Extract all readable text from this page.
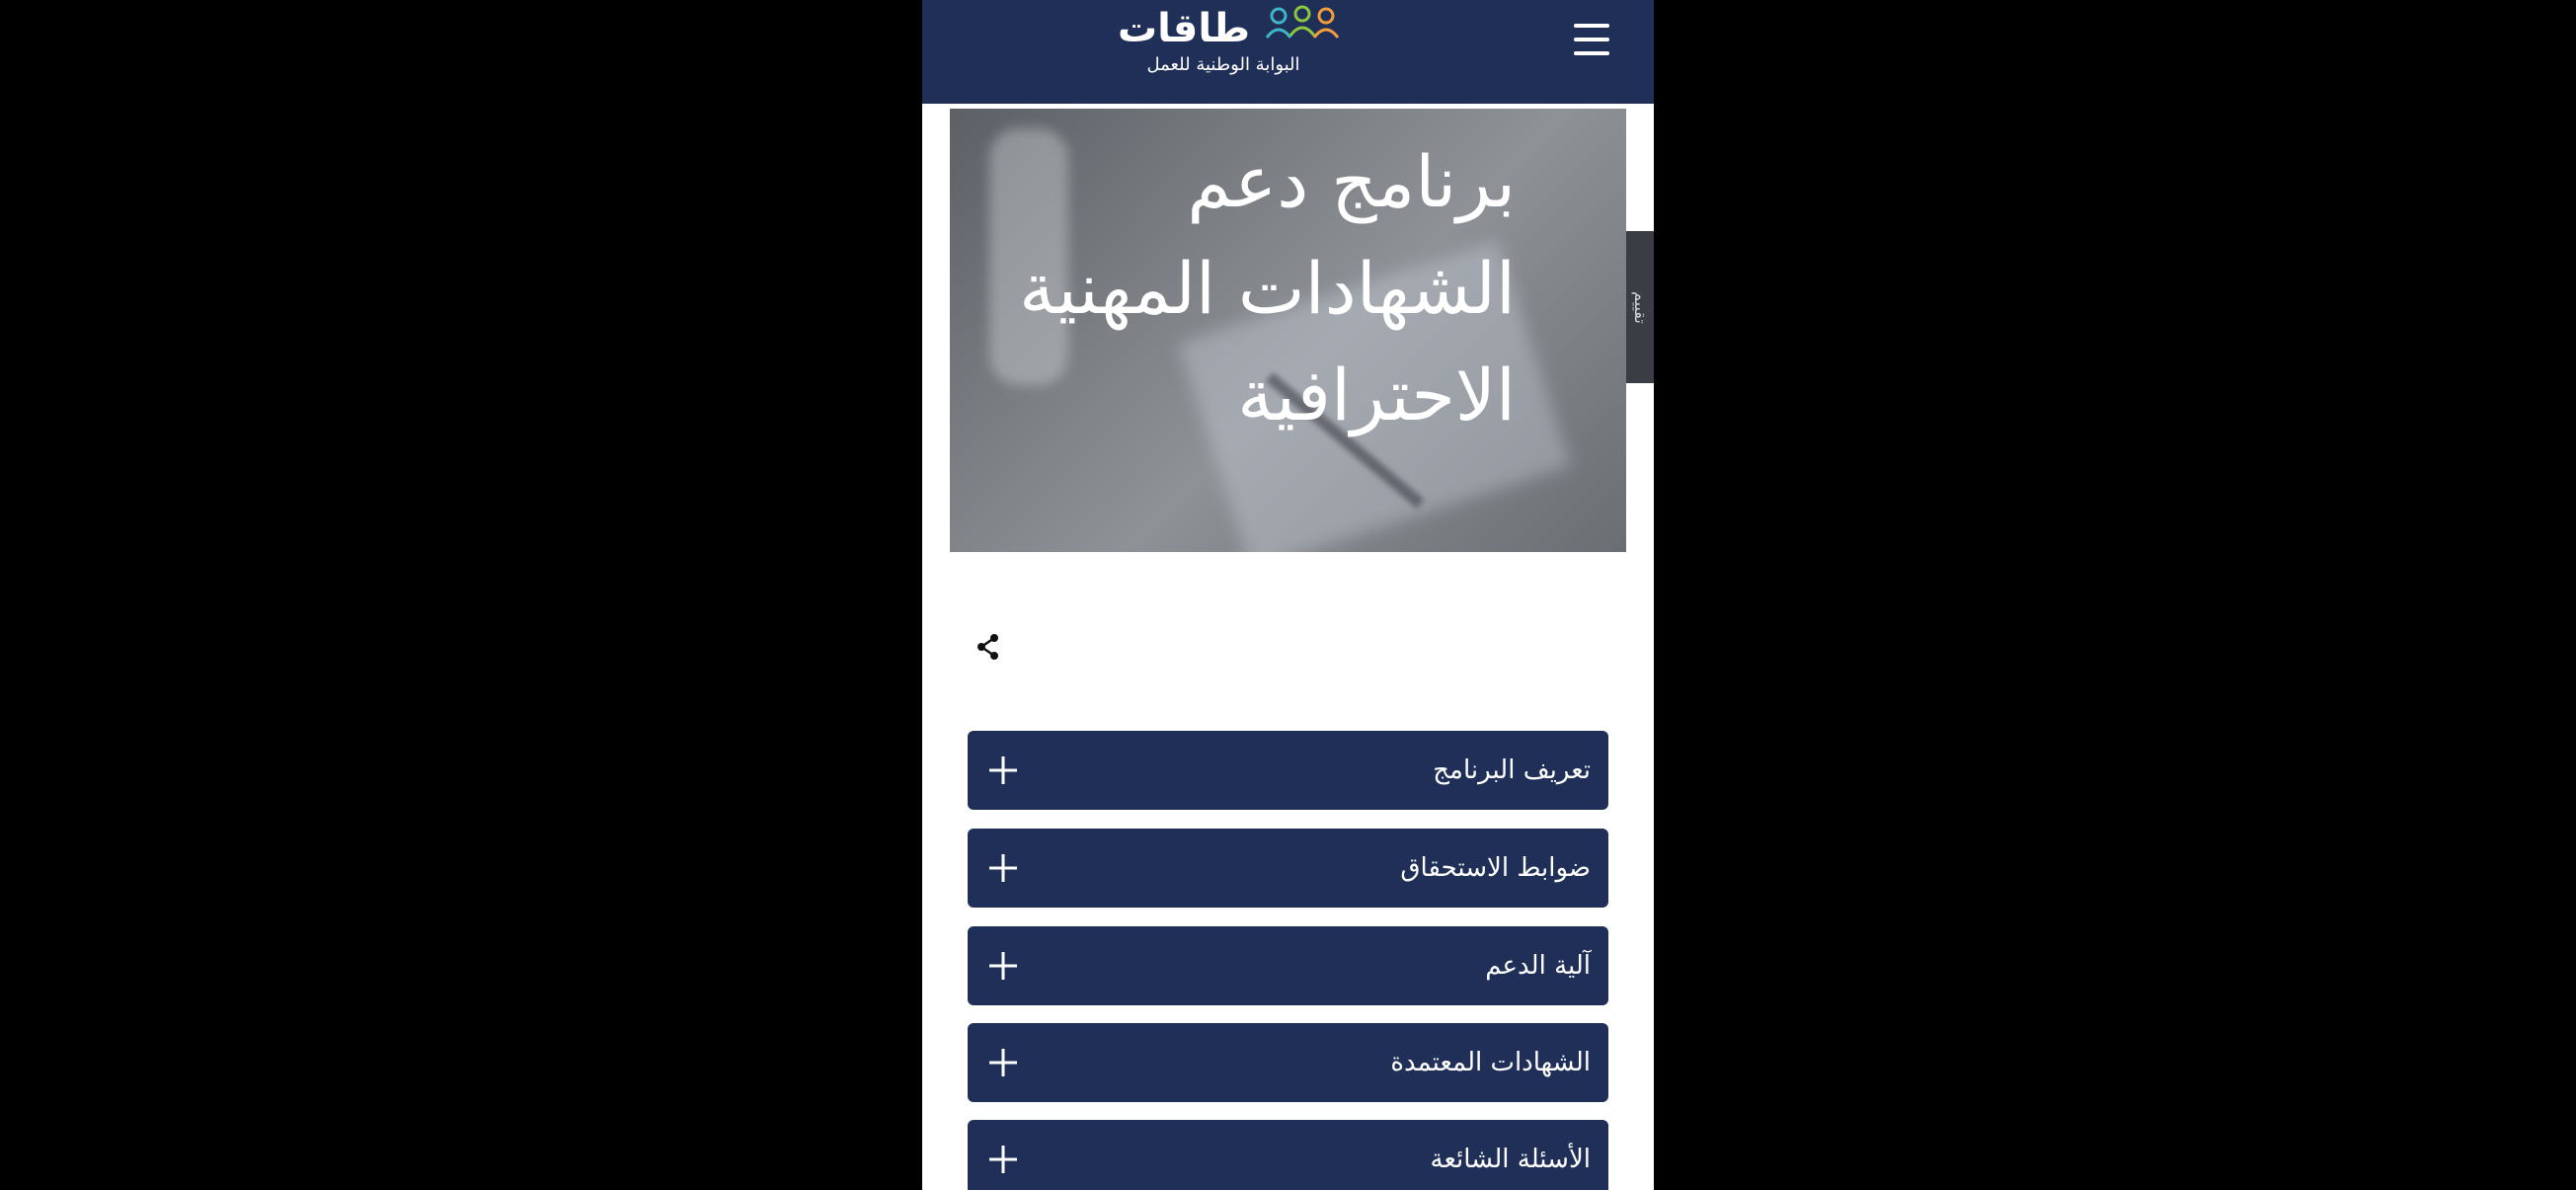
طاقات
البوابة الوطنية للعمل
برنامج دعم الشهادات المهنية الاحترافية
تقييم
تعريف البرنامج
ضوابط الاستحقاق
آلية الدعم
الشهادات المعتمدة
الأسئلة الشائعة
